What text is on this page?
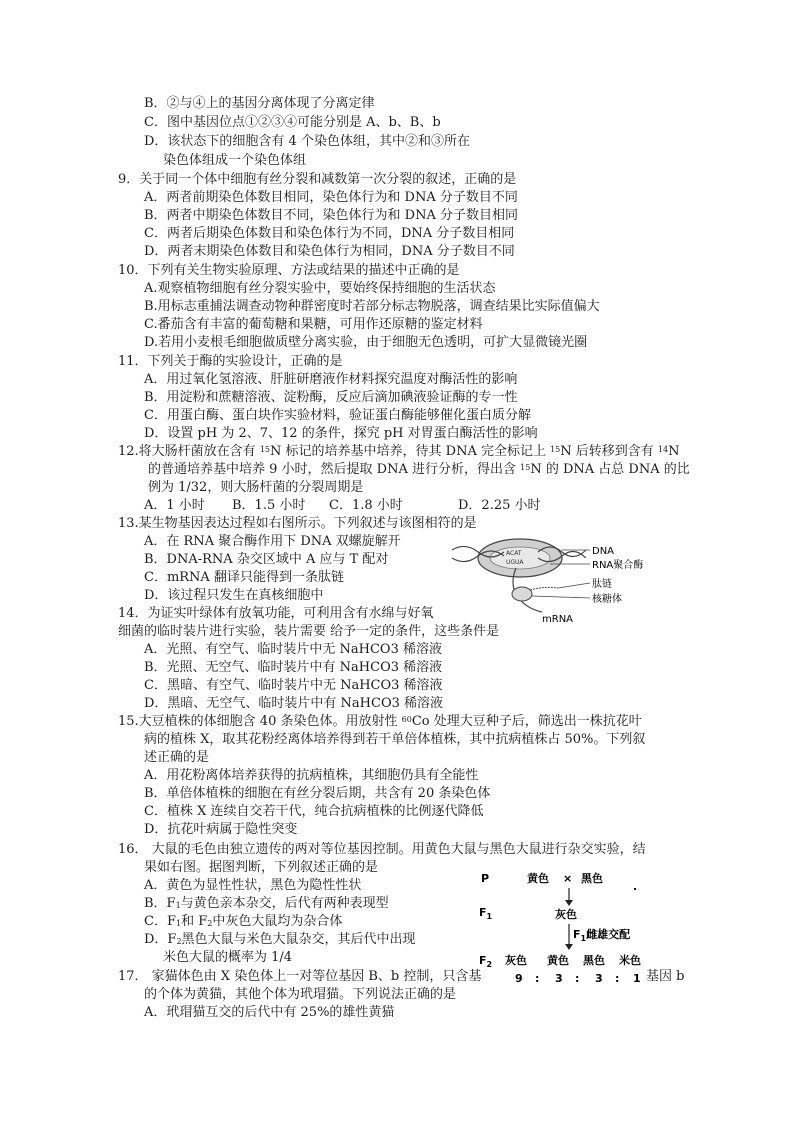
B．②与④上的基因分离体现了分离定律
C．图中基因位点①②③④可能分别是 A、b、B、b
D．该状态下的细胞含有 4 个染色体组，其中②和③所在
染色体组成一个染色体组
9．关于同一个体中细胞有丝分裂和减数第一次分裂的叙述，正确的是
A．两者前期染色体数目相同，染色体行为和 DNA 分子数目不同
B．两者中期染色体数目不同，染色体行为和 DNA 分子数目相同
C．两者后期染色体数目和染色体行为不同，DNA 分子数目相同
D．两者末期染色体数目和染色体行为相同，DNA 分子数目不同
10．下列有关生物实验原理、方法或结果的描述中正确的是
A.观察植物细胞有丝分裂实验中，要始终保持细胞的生活状态
B.用标志重捕法调查动物种群密度时若部分标志物脱落，调查结果比实际值偏大
C.番茄含有丰富的葡萄糖和果糖，可用作还原糖的鉴定材料
D.若用小麦根毛细胞做质壁分离实验，由于细胞无色透明，可扩大显微镜光圈
11．下列关于酶的实验设计，正确的是
A．用过氧化氢溶液、肝脏研磨液作材料探究温度对酶活性的影响
B．用淀粉和蔗糖溶液、淀粉酶，反应后滴加碘液验证酶的专一性
C．用蛋白酶、蛋白块作实验材料，验证蛋白酶能够催化蛋白质分解
D．设置 pH 为 2、7、12 的条件，探究 pH 对胃蛋白酶活性的影响
12.将大肠杆菌放在含有 $^{15}$N 标记的培养基中培养，待其 DNA 完全标记上 $^{15}$N 后转移到含有 $^{14}$N
的普通培养基中培养 9 小时，然后提取 DNA 进行分析，得出含 $^{15}$N 的 DNA 占总 DNA 的比
例为 1/32，则大肠杆菌的分裂周期是
A．1 小时 B．1.5 小时 C．1.8 小时	D．2.25 小时
13.某生物基因表达过程如右图所示。下列叙述与该图相符的是
A．在 RNA 聚合酶作用下 DNA 双螺旋解开
B．DNA-RNA 杂交区域中 A 应与 T 配对
C．mRNA 翻译只能得到一条肽链
D．该过程只发生在真核细胞中
14．为证实叶绿体有放氧功能，可利用含有水绵与好氧
细菌的临时装片进行实验，装片需要 给予一定的条件，这些条件是
A．光照、有空气、临时装片中无 NaHCO3 稀溶液
B．光照、无空气、临时装片中有 NaHCO3 稀溶液
C．黑暗、有空气、临时装片中无 NaHCO3 稀溶液
D．黑暗、无空气、临时装片中有 NaHCO3 稀溶液
15.大豆植株的体细胞含 40 条染色体。用放射性 $^{60}$Co 处理大豆种子后，筛选出一株抗花叶
病的植株 X，取其花粉经离体培养得到若干单倍体植株，其中抗病植株占 50%。下列叙
述正确的是
A．用花粉离体培养获得的抗病植株，其细胞仍具有全能性
B．单倍体植株的细胞在有丝分裂后期，共含有 20 条染色体
C．植株 X 连续自交若干代，纯合抗病植株的比例逐代降低
D．抗花叶病属于隐性突变
16． 大鼠的毛色由独立遗传的两对等位基因控制。用黄色大鼠与黑色大鼠进行杂交实验，结
果如右图。据图判断，下列叙述正确的是
A．黄色为显性性状，黑色为隐性性状
B．$F_1$与黄色亲本杂交，后代有两种表现型
C．$F_1$和 $F_2$中灰色大鼠均为杂合体
D．$F_2$黑色大鼠与米色大鼠杂交，其后代中出现
米色大鼠的概率为 1/4
17． 家猫体色由 X 染色体上一对等位基因 B、b 控制，只含基	基因 b
的个体为黄猫，其他个体为玳瑁猫。下列说法正确的是
A．玳瑁猫互交的后代中有 25%的雄性黄猫
ACAT
UGUA
DNA
RNA聚合酶
肽链
核糖体
mRNA
P	黄色 × 黑色
.
$F_1$	灰色
$F_1$雌雄交配
$F_2$ 灰色 黄色 黑色 米色
9 : 3 : 3 : 1
